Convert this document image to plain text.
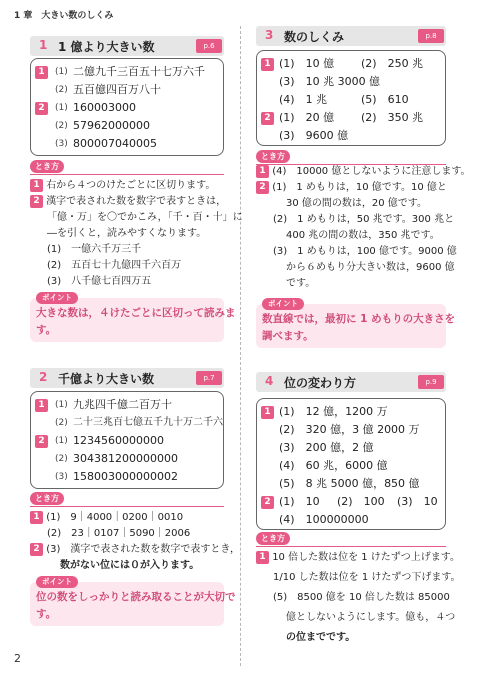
1 章　大きい数のしくみ
1 1 億より大きい数	p.6
1	(1) 二億九千三百五十七万六千
(2) 五百億四百万八十
2	(1) 160003000
(2) 57962000000
(3) 800007040005
とき方
1 右から４つのけたごとに区切ります。
2 漢字で表された数を数字で表すときは，
「億・万」を〇でかこみ，「千・百・十」に
―を引くと，読みやすくなります。
(1)　一億六千万三千
(2)　五百七十九億四千六百万
(3)　八千億七百四万五
ポイント
大きな数は，４けたごとに区切って読みま
す。
2 千億より大きい数	p.7
1	(1) 九兆四千億二百万十
(2) 二十三兆百七億五千九十万二千六
2	(1) 1234560000000
(2) 304381200000000
(3) 158003000000002
とき方
1 (1)　9｜4000｜0200｜0010
(2)　23｜0107｜5090｜2006
2 (3)　漢字で表された数を数字で表すとき，
数がない位には０が入ります。
ポイント
位の数をしっかりと読み取ることが大切で
す。
3 数のしくみ	p.8
1 (1)　10 億 (2)　250 兆
(3)　10 兆 3000 億
(4)　1 兆	(5)　610
2 (1)　20 億 (2)　350 兆
(3)　9600 億
とき方
1 (4)　10000 億としないように注意します。
2 (1)　1 めもりは，10 億です。10 億と
30 億の間の数は，20 億です。
(2)　1 めもりは，50 兆です。300 兆と
400 兆の間の数は，350 兆です。
(3)　1 めもりは，100 億です。9000 億
から６めもり分大きい数は，9600 億
です。
ポイント
数直線では，最初に 1 めもりの大きさを
調べます。
4 位の変わり方	p.9
1 (1)　12 億，1200 万
(2)　320 億，3 億 2000 万
(3)　200 億，2 億
(4)　60 兆，6000 億
(5)　8 兆 5000 億，850 億
2 (1)　10 (2)　100 (3)　10
(4)　100000000
とき方
1 10 倍した数は位を 1 けたずつ上げます。
1/10 した数は位を 1 けたずつ下げます。
(5)　8500 億を 10 倍した数は 85000
億としないようにします。億も，４つ
の位までです。
2
